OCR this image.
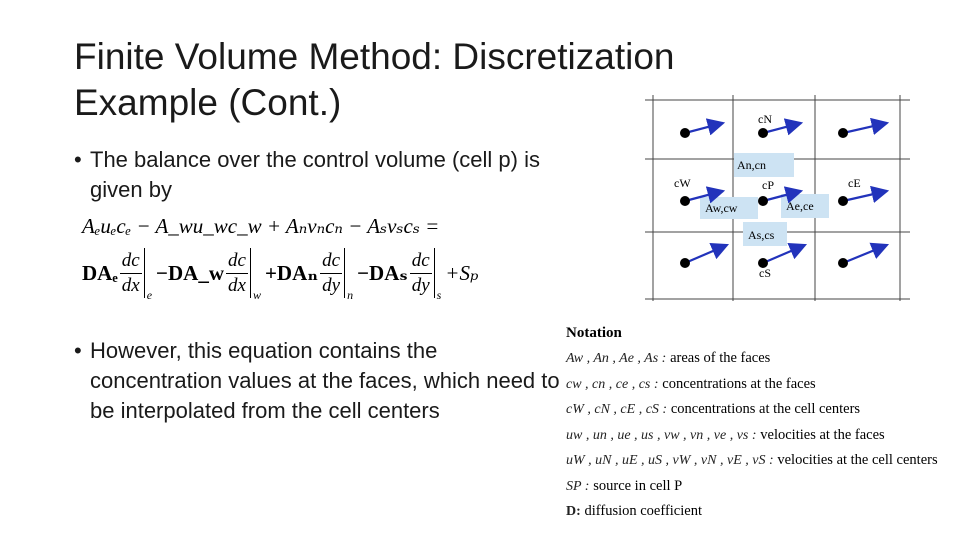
Finite Volume Method: Discretization
Example (Cont.)
• The balance over the control volume (cell p) is given by
Aₑuₑcₑ − A_wu_wc_w + Aₙvₙcₙ − Aₛvₛcₛ =
DAₑ $\frac{dc}{dx}$ e
−DA_w $\frac{dc}{dx}$ w
$+DA_n \frac{dc}{dy}$ n
$-DA_s \frac{dc}{dy}$ s
+Sₚ
• However, this equation contains the concentration values at the faces, which need to be interpolated from the cell centers
cN
An,cn
cW	cP	cE
Aw,cw	Ae,ce
As,cs
cS
Notation
Aw , An , Ae , As : areas of the faces
cw , cn , ce , cs : concentrations at the faces
cW , cN , cE , cS : concentrations at the cell centers
uw , un , ue , us , vw , vn , ve , vs : velocities at the faces
uW , uN , uE , uS , vW , vN , vE , vS : velocities at the cell centers
SP : source in cell P
D: diffusion coefficient
